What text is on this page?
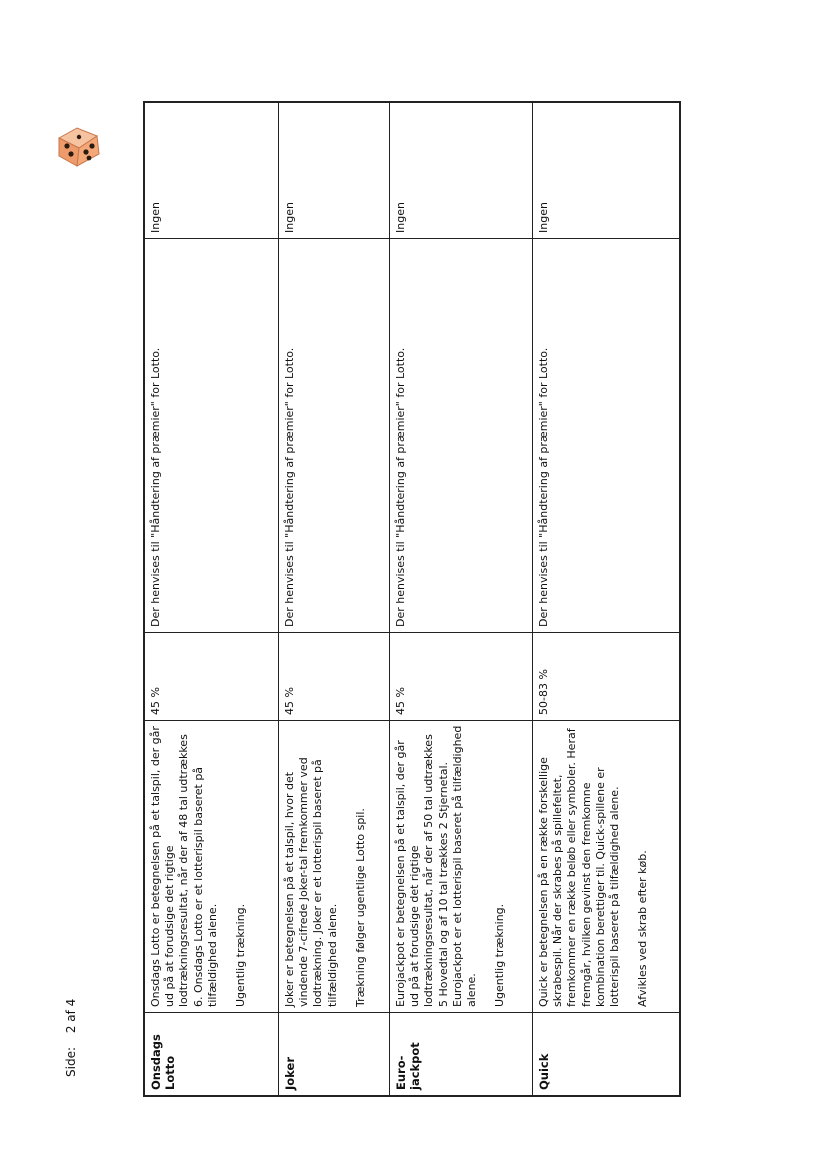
Side: 2 af 4
Onsdags Lotto

Onsdags Lotto er betegnelsen på et talspil, der går ud på at forudsige det rigtige lodtrækningsresultat, når der af 48 tal udtrækkes 6. Onsdags Lotto er et lotterispil baseret på tilfældighed alene. Ugentlig trækning.

45 %
Der henvises til "Håndtering af præmier" for Lotto.
Ingen
Joker

Joker er betegnelsen på et talspil, hvor det vindende 7-cifrede Joker-tal fremkommer ved lodtrækning. Joker er et lotterispil baseret på tilfældighed alene. Trækning følger ugentlige Lotto spil.

45 %
Der henvises til "Håndtering af præmier" for Lotto.
Ingen
Euro-jackpot

Eurojackpot er betegnelsen på et talspil, der går ud på at forudsige det rigtige lodtrækningsresultat, når der af 50 tal udtrækkes 5 Hovedtal og af 10 tal trækkes 2 Stjernetal. Eurojackpot er et lotterispil baseret på tilfældighed alene. Ugentlig trækning.

45 %
Der henvises til "Håndtering af præmier" for Lotto.
Ingen
Quick

Quick er betegnelsen på en række forskellige skrabespil. Når der skrabes på spillefeltet, fremkommer en række beløb eller symboler. Heraf fremgår, hvilken gevinst den fremkomne kombination berettiger til. Quick-spillene er lotterispil baseret på tilfældighed alene. Afvikles ved skrab efter køb.

50-83 %
Der henvises til "Håndtering af præmier" for Lotto.
Ingen
